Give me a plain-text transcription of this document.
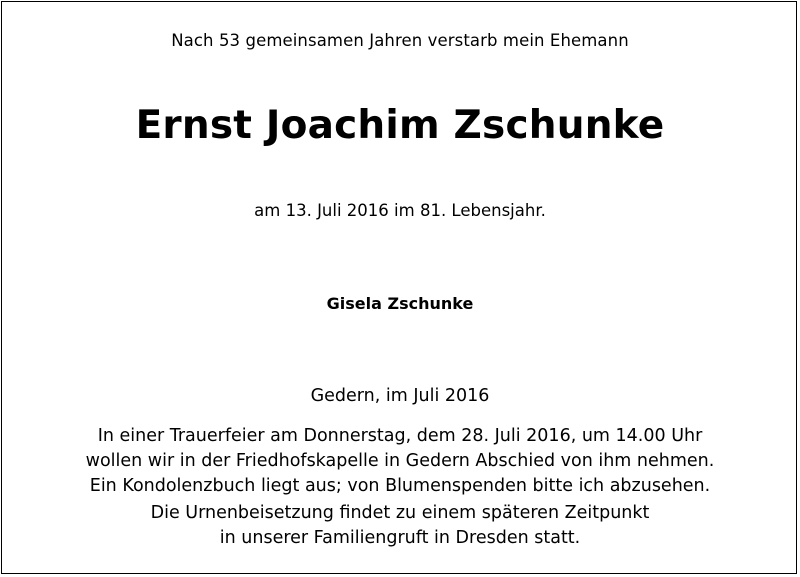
Nach 53 gemeinsamen Jahren verstarb mein Ehemann
Ernst Joachim Zschunke
am 13. Juli 2016 im 81. Lebensjahr.
Gisela Zschunke
Gedern, im Juli 2016
In einer Trauerfeier am Donnerstag, dem 28. Juli 2016, um 14.00 Uhr
wollen wir in der Friedhofskapelle in Gedern Abschied von ihm nehmen.
Ein Kondolenzbuch liegt aus; von Blumenspenden bitte ich abzusehen.
Die Urnenbeisetzung findet zu einem späteren Zeitpunkt
in unserer Familiengruft in Dresden statt.
